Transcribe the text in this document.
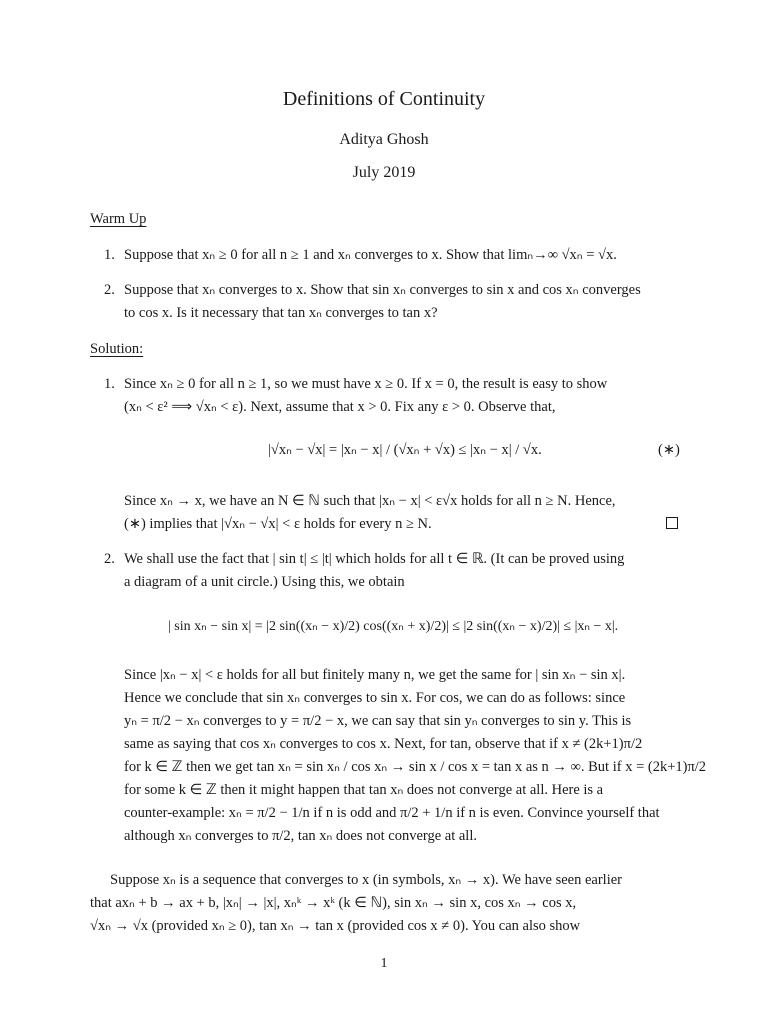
Definitions of Continuity
Aditya Ghosh
July 2019
Warm Up
1. Suppose that xₙ ≥ 0 for all n ≥ 1 and xₙ converges to x. Show that limₙ→∞ √xₙ = √x.
2. Suppose that xₙ converges to x. Show that sin xₙ converges to sin x and cos xₙ converges
to cos x. Is it necessary that tan xₙ converges to tan x?
Solution:
1. Since xₙ ≥ 0 for all n ≥ 1, so we must have x ≥ 0. If x = 0, the result is easy to show
(xₙ < ε² ⟹ √xₙ < ε). Next, assume that x > 0. Fix any ε > 0. Observe that,
|√xₙ − √x| = |xₙ − x| / (√xₙ + √x) ≤ |xₙ − x| / √x.	(∗)
Since xₙ → x, we have an N ∈ ℕ such that |xₙ − x| < ε√x holds for all n ≥ N. Hence,
(∗) implies that |√xₙ − √x| < ε holds for every n ≥ N.
2. We shall use the fact that | sin t| ≤ |t| which holds for all t ∈ ℝ. (It can be proved using
a diagram of a unit circle.) Using this, we obtain
| sin xₙ − sin x| = |2 sin((xₙ − x)/2) cos((xₙ + x)/2)| ≤ |2 sin((xₙ − x)/2)| ≤ |xₙ − x|.
Since |xₙ − x| < ε holds for all but finitely many n, we get the same for | sin xₙ − sin x|.
Hence we conclude that sin xₙ converges to sin x. For cos, we can do as follows: since
yₙ = π/2 − xₙ converges to y = π/2 − x, we can say that sin yₙ converges to sin y. This is
same as saying that cos xₙ converges to cos x. Next, for tan, observe that if x ≠ (2k+1)π/2
for k ∈ ℤ then we get tan xₙ = sin xₙ / cos xₙ → sin x / cos x = tan x as n → ∞. But if x = (2k+1)π/2
for some k ∈ ℤ then it might happen that tan xₙ does not converge at all. Here is a
counter-example: xₙ = π/2 − 1/n if n is odd and π/2 + 1/n if n is even. Convince yourself that
although xₙ converges to π/2, tan xₙ does not converge at all.
Suppose xₙ is a sequence that converges to x (in symbols, xₙ → x). We have seen earlier
that axₙ + b → ax + b, |xₙ| → |x|, xₙᵏ → xᵏ (k ∈ ℕ), sin xₙ → sin x, cos xₙ → cos x,
√xₙ → √x (provided xₙ ≥ 0), tan xₙ → tan x (provided cos x ≠ 0). You can also show
1
